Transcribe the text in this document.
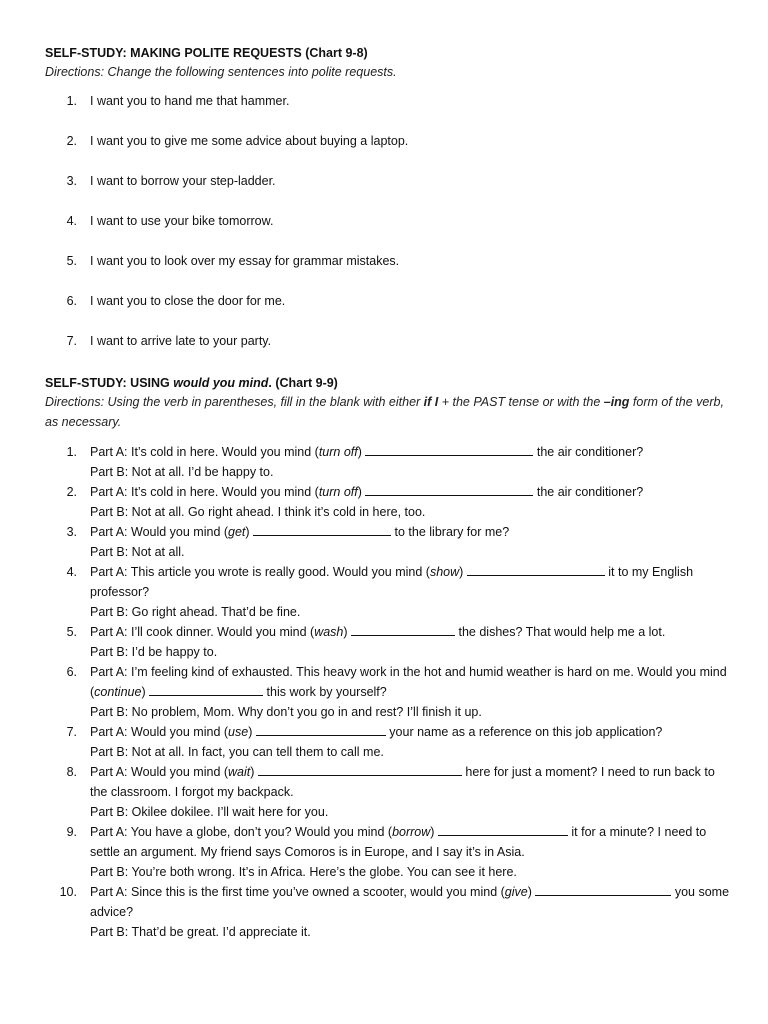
SELF-STUDY: MAKING POLITE REQUESTS (Chart 9-8)
Directions: Change the following sentences into polite requests.
1.	I want you to hand me that hammer.
2.	I want you to give me some advice about buying a laptop.
3.	I want to borrow your step-ladder.
4.	I want to use your bike tomorrow.
5.	I want you to look over my essay for grammar mistakes.
6.	I want you to close the door for me.
7.	I want to arrive late to your party.
SELF-STUDY: USING would you mind. (Chart 9-9)
Directions: Using the verb in parentheses, fill in the blank with either if I + the PAST tense or with the –ing form of the verb, as necessary.
1.	Part A: It’s cold in here. Would you mind (turn off)	the air conditioner?
Part B: Not at all. I’d be happy to.
2.	Part A: It’s cold in here. Would you mind (turn off)	the air conditioner?
Part B: Not at all. Go right ahead. I think it’s cold in here, too.
3.	Part A: Would you mind (get)	to the library for me?
Part B: Not at all.
4.	Part A: This article you wrote is really good. Would you mind (show)	it to my English professor?
Part B: Go right ahead. That’d be fine.
5.	Part A: I’ll cook dinner. Would you mind (wash)	the dishes? That would help me a lot.
Part B: I’d be happy to.
6.	Part A: I’m feeling kind of exhausted. This heavy work in the hot and humid weather is hard on me. Would you mind (continue)	this work by yourself?
Part B: No problem, Mom. Why don’t you go in and rest? I’ll finish it up.
7.	Part A: Would you mind (use)	your name as a reference on this job application?
Part B: Not at all. In fact, you can tell them to call me.
8.	Part A: Would you mind (wait)	here for just a moment? I need to run back to the classroom. I forgot my backpack.
Part B: Okilee dokilee. I’ll wait here for you.
9.	Part A: You have a globe, don’t you? Would you mind (borrow)	it for a minute? I need to settle an argument. My friend says Comoros is in Europe, and I say it’s in Asia.
Part B: You’re both wrong. It’s in Africa. Here’s the globe. You can see it here.
10.	Part A: Since this is the first time you’ve owned a scooter, would you mind (give)	you some advice?
Part B: That’d be great. I’d appreciate it.
